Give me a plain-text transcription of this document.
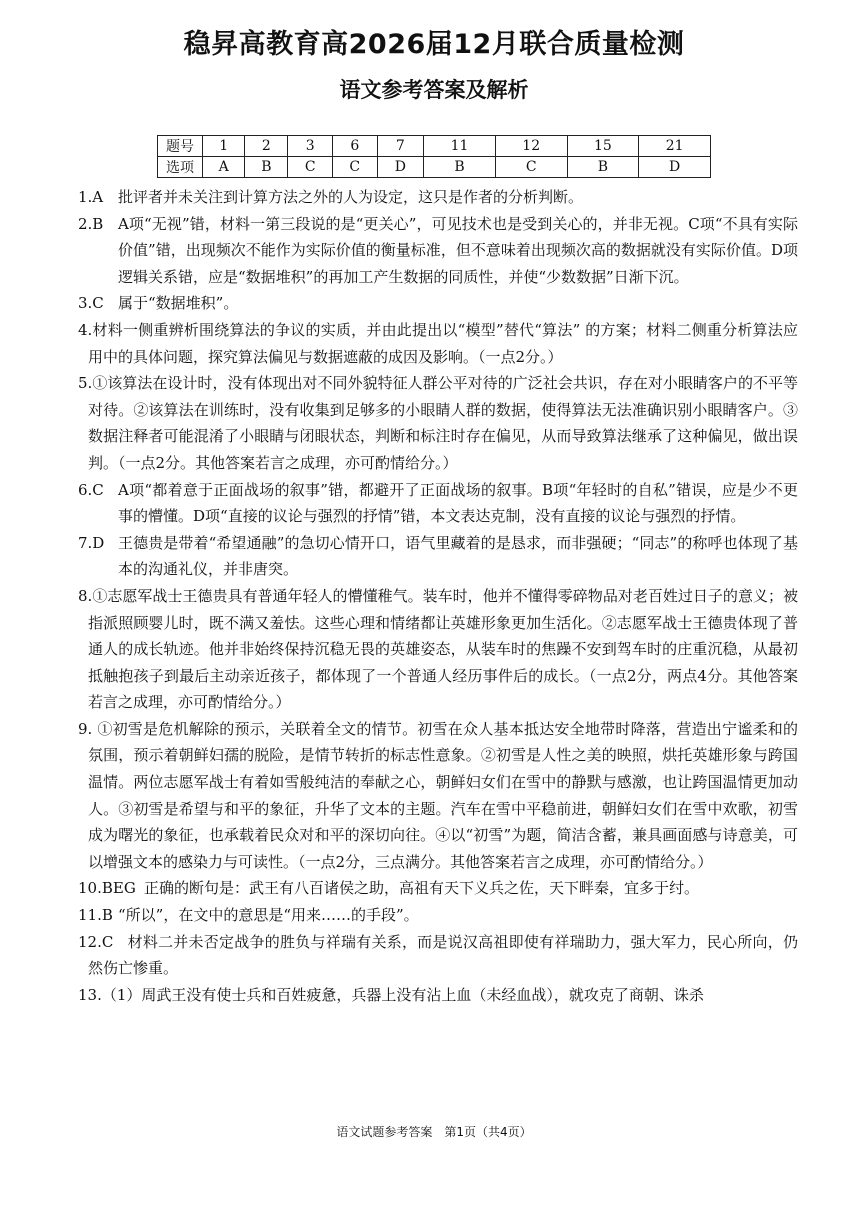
稳昇高教育高2026届12月联合质量检测
语文参考答案及解析
题号	1	2	3	6	7	11	12	15	21
选项	A	B	C	C	D	B	C	B	D
1.A 批评者并未关注到计算方法之外的人为设定，这只是作者的分析判断。
2.B A项“无视”错，材料一第三段说的是“更关心”，可见技术也是受到关心的，并非无视。C项“不具有实际价值”错，出现频次不能作为实际价值的衡量标准，但不意味着出现频次高的数据就没有实际价值。D项逻辑关系错，应是“数据堆积”的再加工产生数据的同质性，并使“少数数据”日渐下沉。
3.C 属于“数据堆积”。
4.材料一侧重辨析围绕算法的争议的实质，并由此提出以“模型”替代“算法” 的方案；材料二侧重分析算法应用中的具体问题，探究算法偏见与数据遮蔽的成因及影响。（一点2分。）
5.①该算法在设计时，没有体现出对不同外貌特征人群公平对待的广泛社会共识，存在对小眼睛客户的不平等对待。②该算法在训练时，没有收集到足够多的小眼睛人群的数据，使得算法无法准确识别小眼睛客户。③数据注释者可能混淆了小眼睛与闭眼状态，判断和标注时存在偏见，从而导致算法继承了这种偏见，做出误判。（一点2分。其他答案若言之成理，亦可酌情给分。）
6.C A项“都着意于正面战场的叙事”错，都避开了正面战场的叙事。B项“年轻时的自私”错误，应是少不更事的懵懂。D项“直接的议论与强烈的抒情”错，本文表达克制，没有直接的议论与强烈的抒情。
7.D 王德贵是带着“希望通融”的急切心情开口，语气里藏着的是恳求，而非强硬；“同志”的称呼也体现了基本的沟通礼仪，并非唐突。
8.①志愿军战士王德贵具有普通年轻人的懵懂稚气。装车时，他并不懂得零碎物品对老百姓过日子的意义；被指派照顾婴儿时，既不满又羞怯。这些心理和情绪都让英雄形象更加生活化。②志愿军战士王德贵体现了普通人的成长轨迹。他并非始终保持沉稳无畏的英雄姿态，从装车时的焦躁不安到驾车时的庄重沉稳，从最初抵触抱孩子到最后主动亲近孩子，都体现了一个普通人经历事件后的成长。（一点2分，两点4分。其他答案若言之成理，亦可酌情给分。）
9. ①初雪是危机解除的预示，关联着全文的情节。初雪在众人基本抵达安全地带时降落，营造出宁谧柔和的氛围，预示着朝鲜妇孺的脱险，是情节转折的标志性意象。②初雪是人性之美的映照，烘托英雄形象与跨国温情。两位志愿军战士有着如雪般纯洁的奉献之心，朝鲜妇女们在雪中的静默与感激，也让跨国温情更加动人。③初雪是希望与和平的象征，升华了文本的主题。汽车在雪中平稳前进，朝鲜妇女们在雪中欢歌，初雪成为曙光的象征，也承载着民众对和平的深切向往。④以“初雪”为题，简洁含蓄，兼具画面感与诗意美，可以增强文本的感染力与可读性。（一点2分，三点满分。其他答案若言之成理，亦可酌情给分。）
10.BEG 正确的断句是：武王有八百诸侯之助，高祖有天下义兵之佐，天下畔秦，宜多于纣。
11.B “所以”，在文中的意思是“用来……的手段”。
12.C 材料二并未否定战争的胜负与祥瑞有关系，而是说汉高祖即使有祥瑞助力，强大军力，民心所向，仍然伤亡惨重。
13.（1）周武王没有使士兵和百姓疲惫，兵器上没有沾上血（未经血战），就攻克了商朝、诛杀
语文试题参考答案　第1页（共4页）
